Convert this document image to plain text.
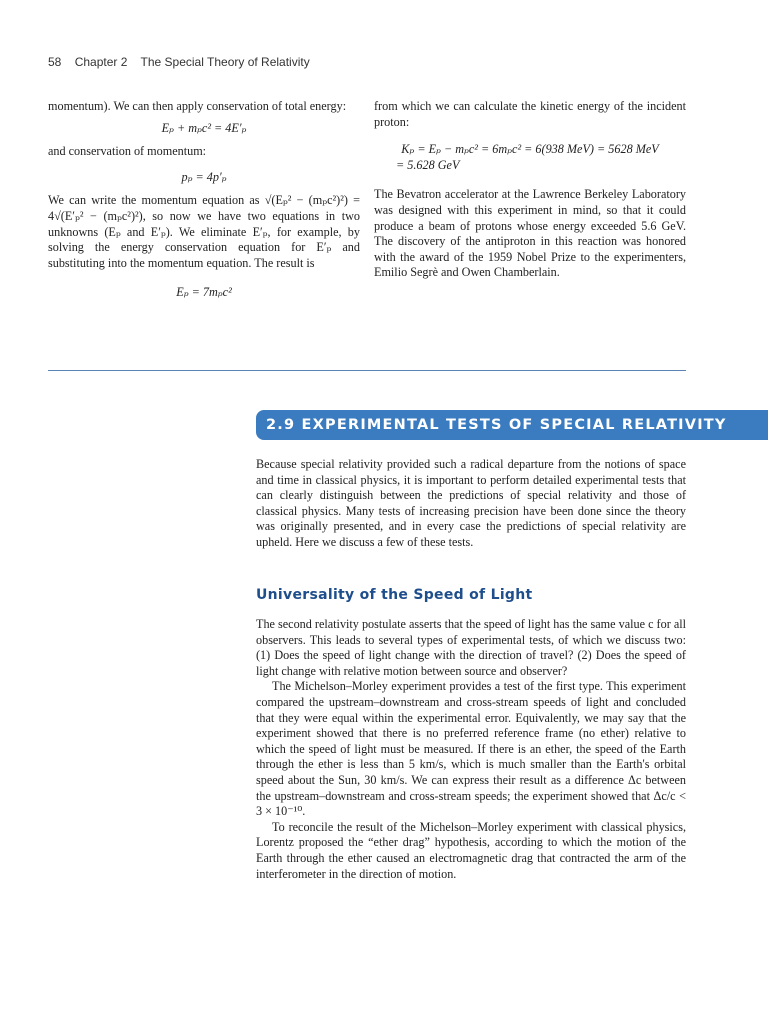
58 Chapter 2 The Special Theory of Relativity

momentum). We can then apply conservation of total energy:

Eₚ + mₚc² = 4E′ₚ

and conservation of momentum:

pₚ = 4p′ₚ

We can write the momentum equation as √(Eₚ² − (mₚc²)²) = 4√(E′ₚ² − (mₚc²)²), so now we have two equations in two unknowns (Eₚ and E′ₚ). We eliminate E′ₚ, for example, by solving the energy conservation equation for E′ₚ and substituting into the momentum equation. The result is

Eₚ = 7mₚc²

from which we can calculate the kinetic energy of the incident proton:

Kₚ = Eₚ − mₚc² = 6mₚc² = 6(938 MeV) = 5628 MeV

= 5.628 GeV

The Bevatron accelerator at the Lawrence Berkeley Laboratory was designed with this experiment in mind, so that it could produce a beam of protons whose energy exceeded 5.6 GeV. The discovery of the antiproton in this reaction was honored with the award of the 1959 Nobel Prize to the experimenters, Emilio Segrè and Owen Chamberlain.

2.9 EXPERIMENTAL TESTS OF SPECIAL RELATIVITY

Because special relativity provided such a radical departure from the notions of space and time in classical physics, it is important to perform detailed experimental tests that can clearly distinguish between the predictions of special relativity and those of classical physics. Many tests of increasing precision have been done since the theory was originally presented, and in every case the predictions of special relativity are upheld. Here we discuss a few of these tests.

Universality of the Speed of Light

The second relativity postulate asserts that the speed of light has the same value c for all observers. This leads to several types of experimental tests, of which we discuss two: (1) Does the speed of light change with the direction of travel? (2) Does the speed of light change with relative motion between source and observer?

The Michelson–Morley experiment provides a test of the first type. This experiment compared the upstream–downstream and cross-stream speeds of light and concluded that they were equal within the experimental error. Equivalently, we may say that the experiment showed that there is no preferred reference frame (no ether) relative to which the speed of light must be measured. If there is an ether, the speed of the Earth through the ether is less than 5 km/s, which is much smaller than the Earth's orbital speed about the Sun, 30 km/s. We can express their result as a difference Δc between the upstream–downstream and cross-stream speeds; the experiment showed that Δc/c < 3 × 10⁻¹⁰.

To reconcile the result of the Michelson–Morley experiment with classical physics, Lorentz proposed the “ether drag” hypothesis, according to which the motion of the Earth through the ether caused an electromagnetic drag that contracted the arm of the interferometer in the direction of motion.
